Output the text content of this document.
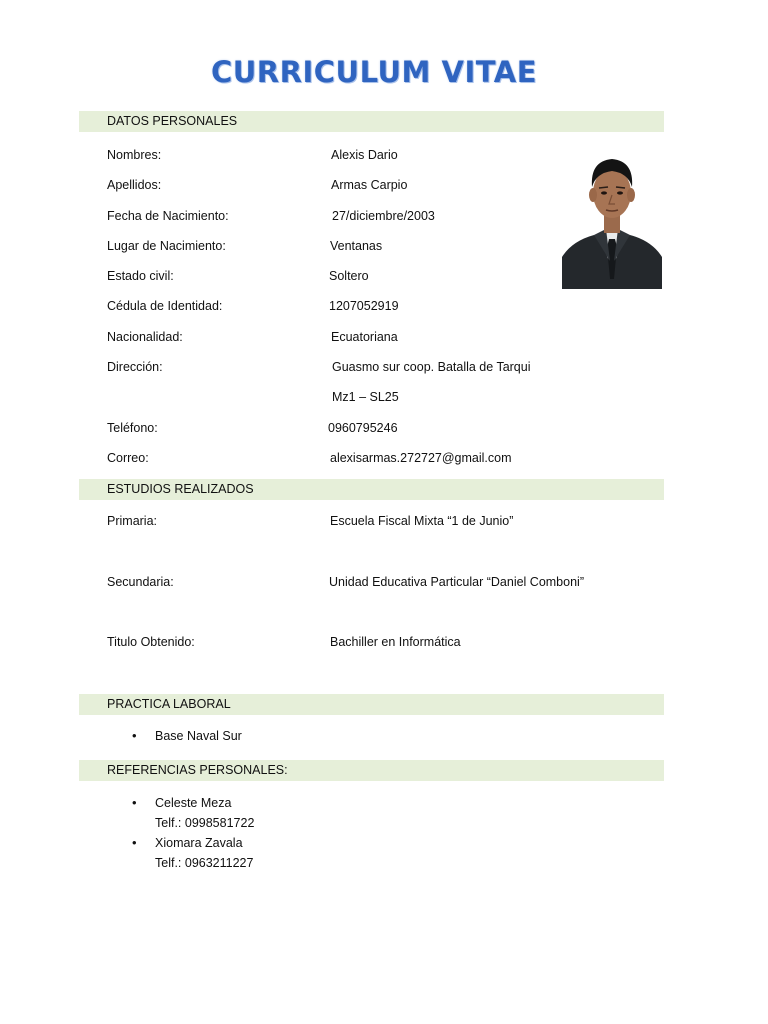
CURRICULUM VITAE
DATOS PERSONALES
Nombres:	Alexis Dario
Apellidos:	Armas Carpio
Fecha de Nacimiento:	27/diciembre/2003
Lugar de Nacimiento:	Ventanas
Estado civil:	Soltero
Cédula de Identidad:	1207052919
Nacionalidad:	Ecuatoriana
Dirección:	Guasmo sur coop. Batalla de Tarqui
Mz1 – SL25
Teléfono:	0960795246
Correo:	alexisarmas.272727@gmail.com
ESTUDIOS REALIZADOS
Primaria:	Escuela Fiscal Mixta “1 de Junio”
Secundaria:	Unidad Educativa Particular “Daniel Comboni”
Titulo Obtenido:	Bachiller en Informática
PRACTICA LABORAL
• Base Naval Sur
REFERENCIAS PERSONALES:
• Celeste Meza
Telf.: 0998581722
• Xiomara Zavala
Telf.: 0963211227
